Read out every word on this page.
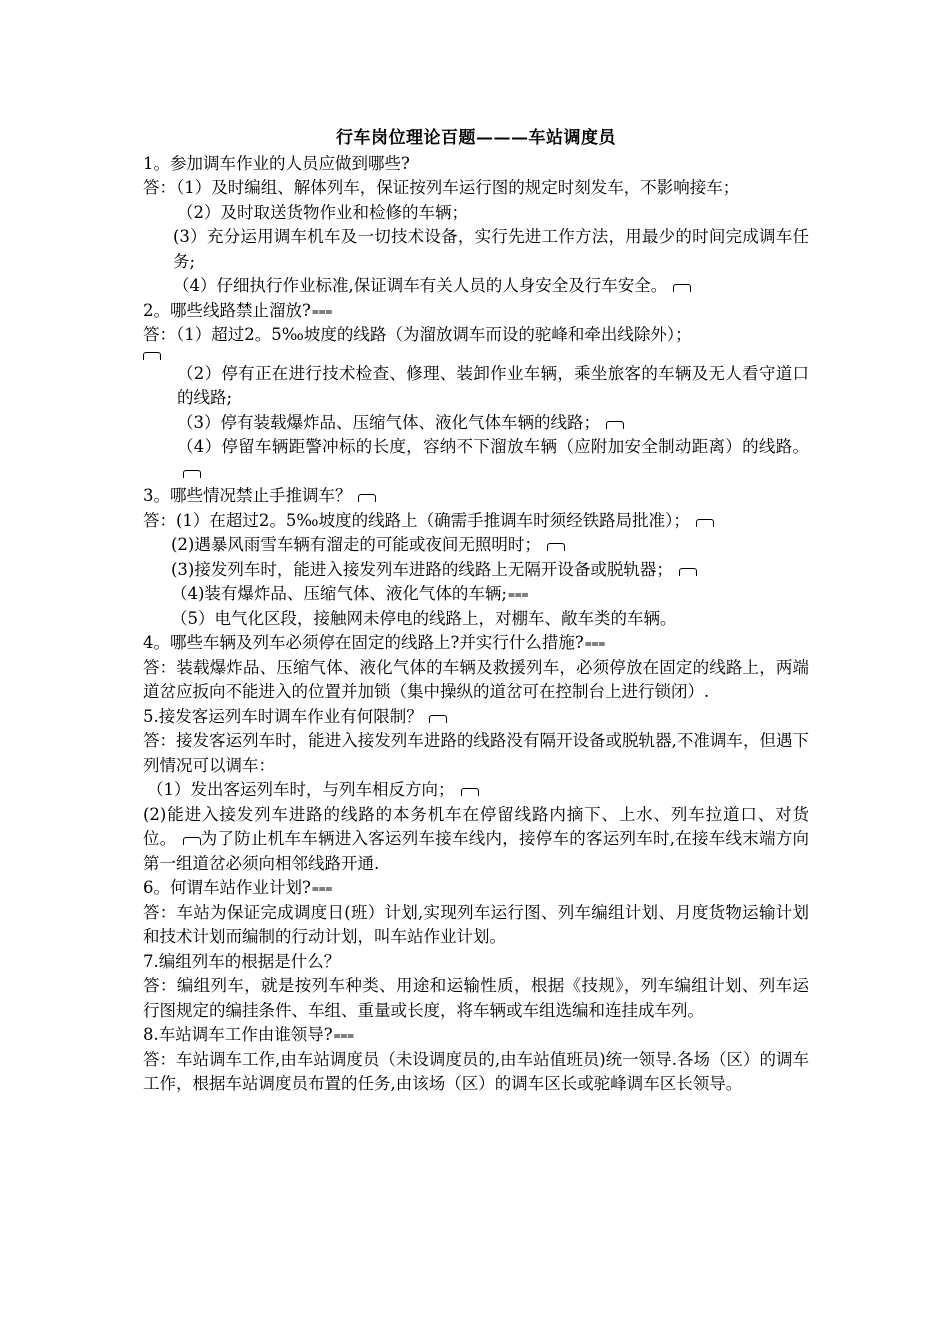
行车岗位理论百题———车站调度员
1。参加调车作业的人员应做到哪些?
答：（1）及时编组、解体列车，保证按列车运行图的规定时刻发车，不影响接车；
（2）及时取送货物作业和检修的车辆；
(3）充分运用调车机车及一切技术设备，实行先进工作方法，用最少的时间完成调车任务;
（4）仔细执行作业标准,保证调车有关人员的人身安全及行车安全。
2。哪些线路禁止溜放?⩶
答：（1）超过2。5‰坡度的线路（为溜放调车而设的驼峰和牵出线除外）；
（2）停有正在进行技术检查、修理、装卸作业车辆，乘坐旅客的车辆及无人看守道口的线路;
（3）停有装载爆炸品、压缩气体、液化气体车辆的线路；
（4）停留车辆距警冲标的长度，容纳不下溜放车辆（应附加安全制动距离）的线路。
3。哪些情况禁止手推调车？
答：(1）在超过2。5‰坡度的线路上（确需手推调车时须经铁路局批准）；
(2)遇暴风雨雪车辆有溜走的可能或夜间无照明时；
(3)接发列车时，能进入接发列车进路的线路上无隔开设备或脱轨器；
（4)装有爆炸品、压缩气体、液化气体的车辆;⩶
（5）电气化区段，接触网未停电的线路上，对棚车、敞车类的车辆。
4。哪些车辆及列车必须停在固定的线路上?并实行什么措施?⩶
答：装载爆炸品、压缩气体、液化气体的车辆及救援列车，必须停放在固定的线路上，两端道岔应扳向不能进入的位置并加锁（集中操纵的道岔可在控制台上进行锁闭）.
5.接发客运列车时调车作业有何限制？
答：接发客运列车时，能进入接发列车进路的线路没有隔开设备或脱轨器,不准调车，但遇下列情况可以调车：
（1）发出客运列车时，与列车相反方向；
(2)能进入接发列车进路的线路的本务机车在停留线路内摘下、上水、列车拉道口、对货位。 为了防止机车车辆进入客运列车接车线内，接停车的客运列车时,在接车线末端方向第一组道岔必须向相邻线路开通.
6。何谓车站作业计划?⩶
答：车站为保证完成调度日(班）计划,实现列车运行图、列车编组计划、月度货物运输计划和技术计划而编制的行动计划，叫车站作业计划。
7.编组列车的根据是什么？
答：编组列车，就是按列车种类、用途和运输性质，根据《技规》，列车编组计划、列车运行图规定的编挂条件、车组、重量或长度，将车辆或车组选编和连挂成车列。
8.车站调车工作由谁领导?⩶
答：车站调车工作,由车站调度员（未设调度员的,由车站值班员)统一领导.各场（区）的调车工作，根据车站调度员布置的任务,由该场（区）的调车区长或驼峰调车区长领导。
